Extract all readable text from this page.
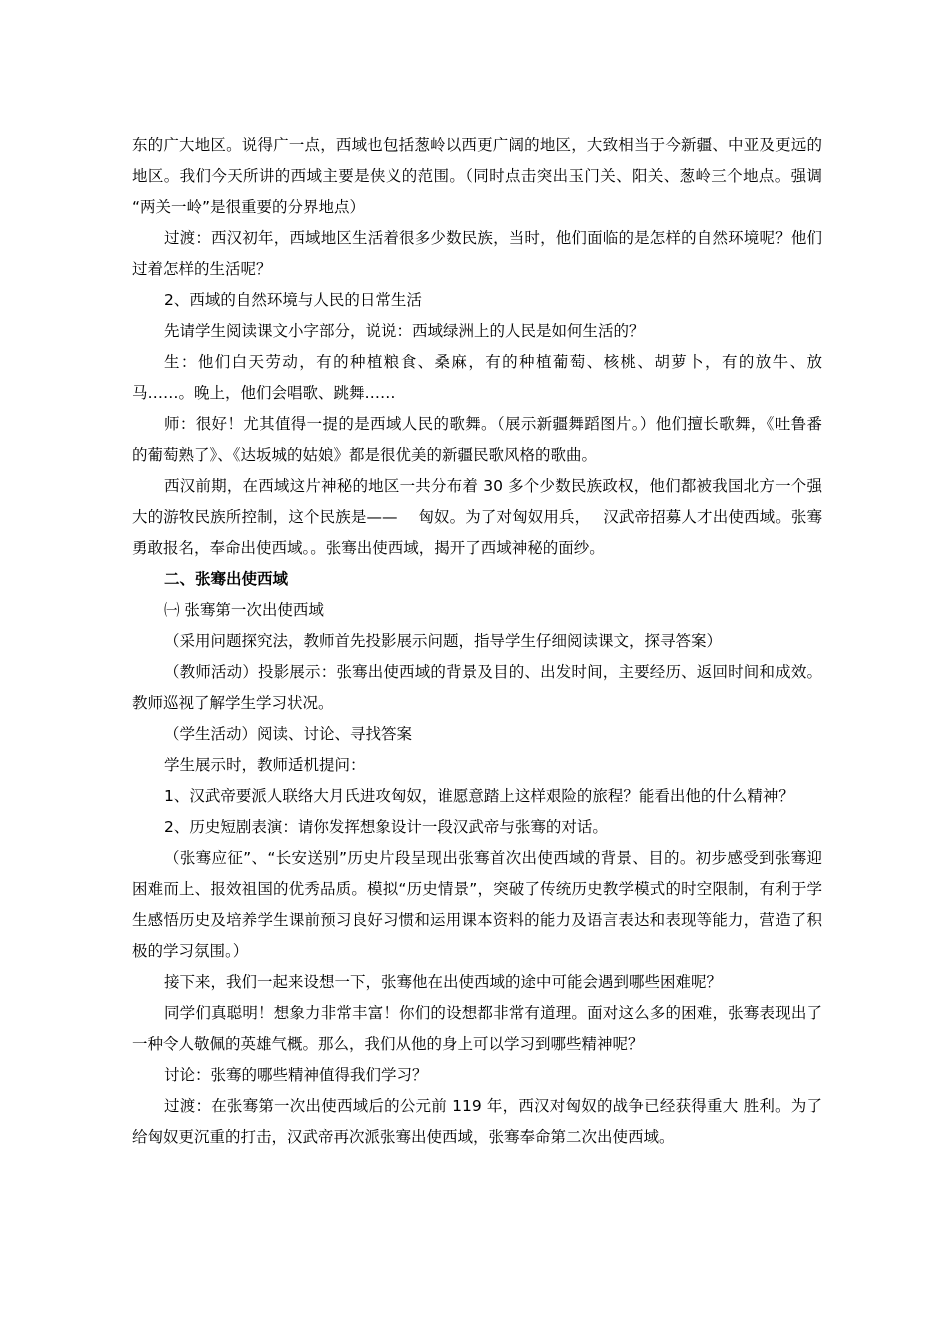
东的广大地区。说得广一点，西域也包括葱岭以西更广阔的地区，大致相当于今新疆、中亚及更远的地区。我们今天所讲的西域主要是侠义的范围。（同时点击突出玉门关、阳关、葱岭三个地点。强调 “两关一岭”是很重要的分界地点）

过渡：西汉初年，西域地区生活着很多少数民族，当时，他们面临的是怎样的自然环境呢？他们过着怎样的生活呢？

2、西域的自然环境与人民的日常生活

先请学生阅读课文小字部分，说说：西域绿洲上的人民是如何生活的？

生：他们白天劳动，有的种植粮食、桑麻，有的种植葡萄、核桃、胡萝卜，有的放牛、放马……。晚上，他们会唱歌、跳舞……

师：很好！尤其值得一提的是西域人民的歌舞。（展示新疆舞蹈图片。）他们擅长歌舞，《吐鲁番的葡萄熟了》、《达坂城的姑娘》都是很优美的新疆民歌风格的歌曲。

西汉前期，在西域这片神秘的地区一共分布着 30 多个少数民族政权，他们都被我国北方一个强大的游牧民族所控制，这个民族是——　 匈奴。为了对匈奴用兵，　 汉武帝招募人才出使西域。张骞勇敢报名，奉命出使西域。。张骞出使西域，揭开了西域神秘的面纱。

二、张骞出使西域

㈠ 张骞第一次出使西域

（采用问题探究法，教师首先投影展示问题，指导学生仔细阅读课文，探寻答案）

（教师活动）投影展示：张骞出使西域的背景及目的、出发时间，主要经历、返回时间和成效。教师巡视了解学生学习状况。

（学生活动）阅读、讨论、寻找答案

学生展示时，教师适机提问：

1、汉武帝要派人联络大月氏进攻匈奴，谁愿意踏上这样艰险的旅程？能看出他的什么精神？

2、历史短剧表演：请你发挥想象设计一段汉武帝与张骞的对话。

（张骞应征”、“长安送别”历史片段呈现出张骞首次出使西域的背景、目的。初步感受到张骞迎困难而上、报效祖国的优秀品质。模拟“历史情景”，突破了传统历史教学模式的时空限制，有利于学生感悟历史及培养学生课前预习良好习惯和运用课本资料的能力及语言表达和表现等能力，营造了积极的学习氛围。）

接下来，我们一起来设想一下，张骞他在出使西域的途中可能会遇到哪些困难呢？

同学们真聪明！想象力非常丰富！你们的设想都非常有道理。面对这么多的困难，张骞表现出了一种令人敬佩的英雄气概。那么，我们从他的身上可以学习到哪些精神呢？

讨论：张骞的哪些精神值得我们学习？

过渡：在张骞第一次出使西域后的公元前 119 年，西汉对匈奴的战争已经获得重大 胜利。为了给匈奴更沉重的打击，汉武帝再次派张骞出使西域，张骞奉命第二次出使西域。
